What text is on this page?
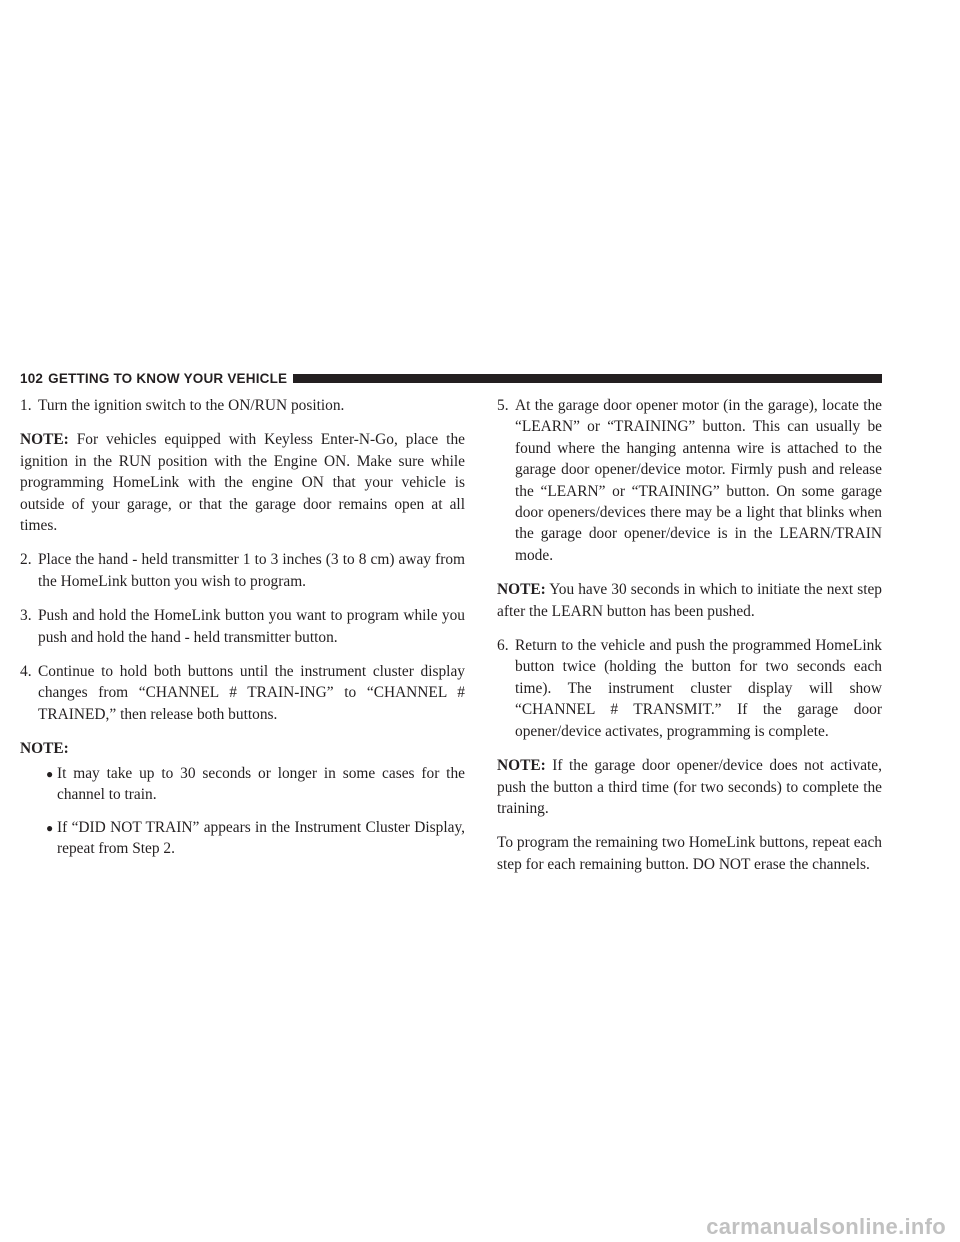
102 GETTING TO KNOW YOUR VEHICLE
1. Turn the ignition switch to the ON/RUN position.

NOTE: For vehicles equipped with Keyless Enter-N-Go, place the ignition in the RUN position with the Engine ON. Make sure while programming HomeLink with the engine ON that your vehicle is outside of your garage, or that the garage door remains open at all times.

2. Place the hand - held transmitter 1 to 3 inches (3 to 8 cm) away from the HomeLink button you wish to program.
3. Push and hold the HomeLink button you want to program while you push and hold the hand - held transmitter button.
4. Continue to hold both buttons until the instrument cluster display changes from “CHANNEL # TRAIN-ING” to “CHANNEL # TRAINED,” then release both buttons.
NOTE:
● It may take up to 30 seconds or longer in some cases for the channel to train.
● If “DID NOT TRAIN” appears in the Instrument Cluster Display, repeat from Step 2.
5. At the garage door opener motor (in the garage), locate the “LEARN” or “TRAINING” button. This can usually be found where the hanging antenna wire is attached to the garage door opener/device motor. Firmly push and release the “LEARN” or “TRAINING” button. On some garage door openers/devices there may be a light that blinks when the garage door opener/device is in the LEARN/TRAIN mode.

NOTE: You have 30 seconds in which to initiate the next step after the LEARN button has been pushed.

6. Return to the vehicle and push the programmed HomeLink button twice (holding the button for two seconds each time). The instrument cluster display will show “CHANNEL # TRANSMIT.” If the garage door opener/device activates, programming is complete.

NOTE: If the garage door opener/device does not activate, push the button a third time (for two seconds) to complete the training.

To program the remaining two HomeLink buttons, repeat each step for each remaining button. DO NOT erase the channels.

carmanualsonline.info
